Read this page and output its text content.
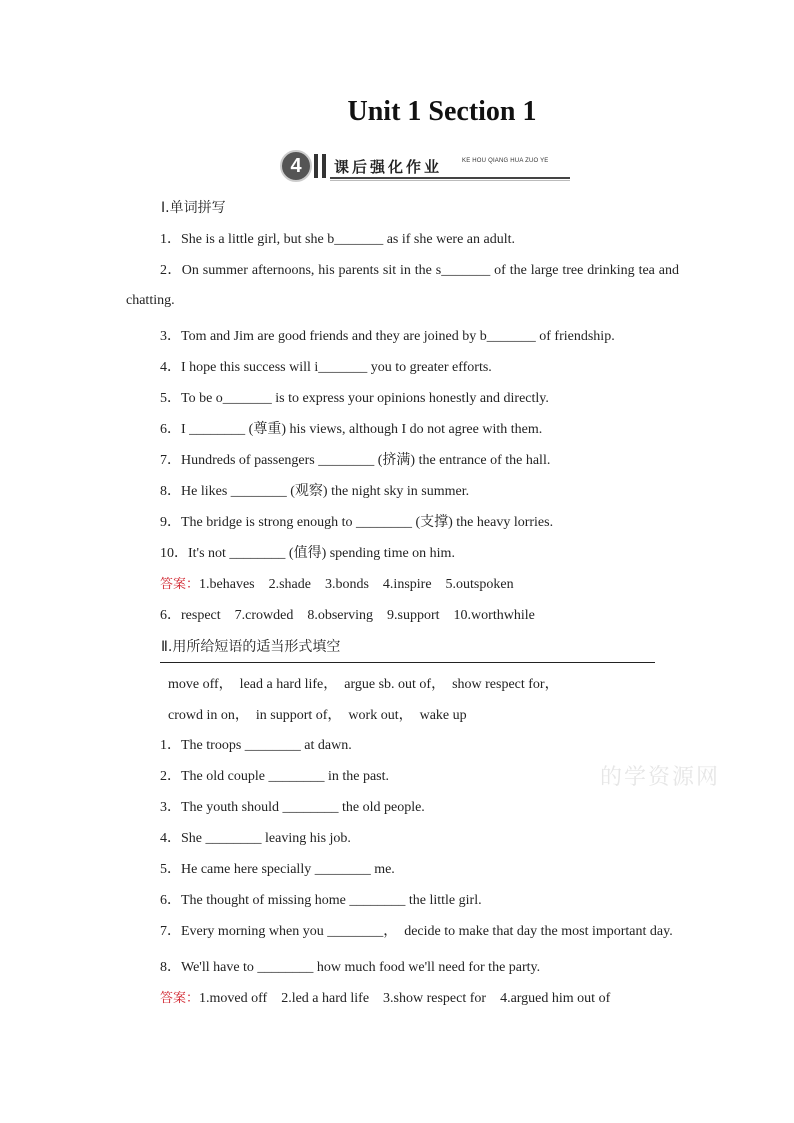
Unit 1 Section 1
4	课后强化作业	KE HOU QIANG HUA ZUO YE
的学资源网
Ⅰ.单词拼写
1．She is a little girl, but she b_______ as if she were an adult.
2．On summer afternoons, his parents sit in the s_______ of the large tree drinking tea and chatting.
3．Tom and Jim are good friends and they are joined by b_______ of friendship.
4．I hope this success will i_______ you to greater efforts.
5．To be o_______ is to express your opinions honestly and directly.
6．I ________ (尊重) his views, although I do not agree with them.
7．Hundreds of passengers ________ (挤满) the entrance of the hall.
8．He likes ________ (观察) the night sky in summer.
9．The bridge is strong enough to ________ (支撑) the heavy lorries.
10．It's not ________ (值得) spending time on him.
答案：1.behaves　2.shade　3.bonds　4.inspire　5.outspoken
6．respect　7.crowded　8.observing　9.support　10.worthwhile
Ⅱ.用所给短语的适当形式填空
move off，　lead a hard life，　argue sb. out of，　show respect for，
crowd in on，　in support of，　work out，　wake up
1．The troops ________ at dawn.
2．The old couple ________ in the past.
3．The youth should ________ the old people.
4．She ________ leaving his job.
5．He came here specially ________ me.
6．The thought of missing home ________ the little girl.
7．Every morning when you ________，　decide to make that day the most important day.
8．We'll have to ________ how much food we'll need for the party.
答案：1.moved off　2.led a hard life　3.show respect for　4.argued him out of
